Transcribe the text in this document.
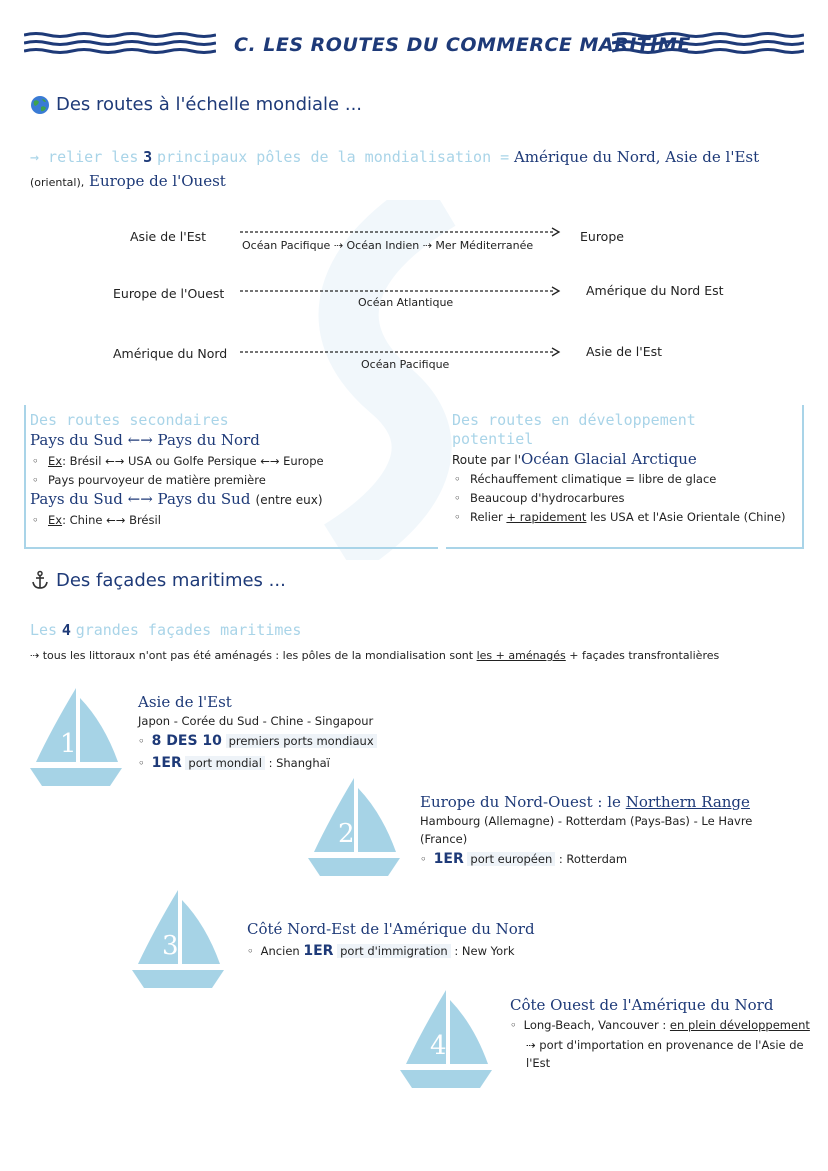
C. LES ROUTES DU COMMERCE MARITIME
Des routes à l'échelle mondiale ...
→ relier les 3 principaux pôles de la mondialisation = Amérique du Nord, Asie de l'Est (oriental), Europe de l'Ouest
Asie de l'Est
Océan Pacifique ⇢ Océan Indien ⇢ Mer Méditerranée
Europe
Europe de l'Ouest
Océan Atlantique
Amérique du Nord Est
Amérique du Nord
Océan Pacifique
Asie de l'Est
Des routes secondaires
Pays du Sud ←→ Pays du Nord
◦ Ex: Brésil ←→ USA ou Golfe Persique ←→ Europe
◦ Pays pourvoyeur de matière première
Pays du Sud ←→ Pays du Sud (entre eux)
◦ Ex: Chine ←→ Brésil
Des routes en développement
potentiel
Route par l'Océan Glacial Arctique
◦ Réchauffement climatique = libre de glace
◦ Beaucoup d'hydrocarbures
◦ Relier + rapidement les USA et l'Asie Orientale (Chine)
Des façades maritimes ...
Les 4 grandes façades maritimes
⇢ tous les littoraux n'ont pas été aménagés : les pôles de la mondialisation sont les + aménagés + façades transfrontalières
1
2
3
4
Asie de l'Est
Japon - Corée du Sud - Chine - Singapour
◦ 8 DES 10 premiers ports mondiaux
◦ 1ER port mondial : Shanghaï
Europe du Nord-Ouest : le Northern Range
Hambourg (Allemagne) - Rotterdam (Pays-Bas) - Le Havre
(France)
◦ 1ER port européen : Rotterdam
Côté Nord-Est de l'Amérique du Nord
◦ Ancien 1ER port d'immigration : New York
Côte Ouest de l'Amérique du Nord
◦ Long-Beach, Vancouver : en plein développement
⇢ port d'importation en provenance de l'Asie de
l'Est
